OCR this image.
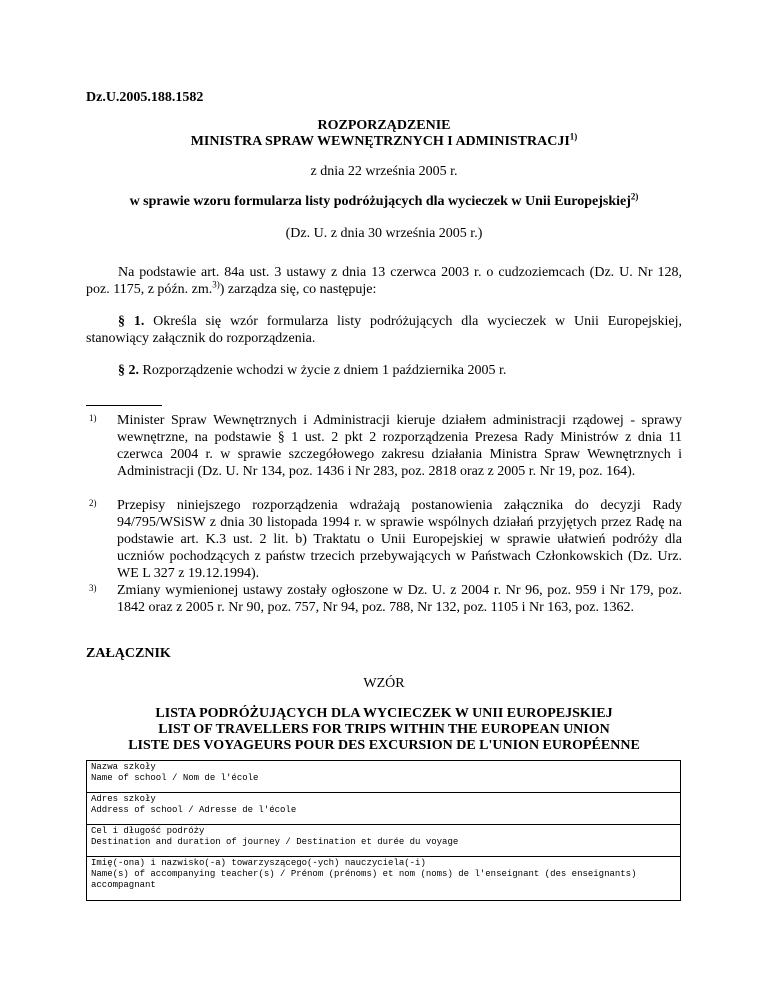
Dz.U.2005.188.1582
ROZPORZĄDZENIE
MINISTRA SPRAW WEWNĘTRZNYCH I ADMINISTRACJI$^{1)}$
z dnia 22 września 2005 r.
w sprawie wzoru formularza listy podróżujących dla wycieczek w Unii Europejskiej$^{2)}$
(Dz. U. z dnia 30 września 2005 r.)
Na podstawie art. 84a ust. 3 ustawy z dnia 13 czerwca 2003 r. o cudzoziemcach (Dz. U. Nr 128, poz. 1175, z późn. zm.$^{3)}$) zarządza się, co następuje:
§ 1. Określa się wzór formularza listy podróżujących dla wycieczek w Unii Europejskiej, stanowiący załącznik do rozporządzenia.
§ 2. Rozporządzenie wchodzi w życie z dniem 1 października 2005 r.
1) Minister Spraw Wewnętrznych i Administracji kieruje działem administracji rządowej - sprawy wewnętrzne, na podstawie § 1 ust. 2 pkt 2 rozporządzenia Prezesa Rady Ministrów z dnia 11 czerwca 2004 r. w sprawie szczegółowego zakresu działania Ministra Spraw Wewnętrznych i Administracji (Dz. U. Nr 134, poz. 1436 i Nr 283, poz. 2818 oraz z 2005 r. Nr 19, poz. 164).
2) Przepisy niniejszego rozporządzenia wdrażają postanowienia załącznika do decyzji Rady 94/795/WSiSW z dnia 30 listopada 1994 r. w sprawie wspólnych działań przyjętych przez Radę na podstawie art. K.3 ust. 2 lit. b) Traktatu o Unii Europejskiej w sprawie ułatwień podróży dla uczniów pochodzących z państw trzecich przebywających w Państwach Członkowskich (Dz. Urz. WE L 327 z 19.12.1994).
3) Zmiany wymienionej ustawy zostały ogłoszone w Dz. U. z 2004 r. Nr 96, poz. 959 i Nr 179, poz. 1842 oraz z 2005 r. Nr 90, poz. 757, Nr 94, poz. 788, Nr 132, poz. 1105 i Nr 163, poz. 1362.
ZAŁĄCZNIK
WZÓR
LISTA PODRÓŻUJĄCYCH DLA WYCIECZEK W UNII EUROPEJSKIEJ
LIST OF TRAVELLERS FOR TRIPS WITHIN THE EUROPEAN UNION
LISTE DES VOYAGEURS POUR DES EXCURSION DE L'UNION EUROPÉENNE
Nazwa szkoły
Name of school / Nom de l'école

Adres szkoły
Address of school / Adresse de l'école

Cel i długość podróży
Destination and duration of journey / Destination et durée du voyage

Imię(-ona) i nazwisko(-a) towarzyszącego(-ych) nauczyciela(-i)
Name(s) of accompanying teacher(s) / Prénom (prénoms) et nom (noms) de l'enseignant (des enseignants) accompagnant
